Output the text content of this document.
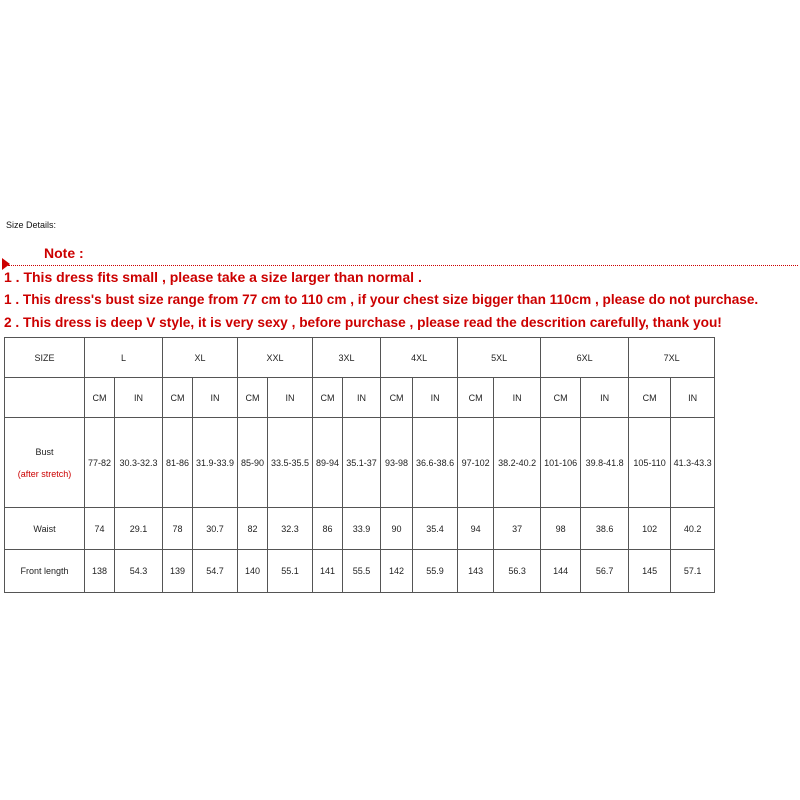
Size Details:
Note :
1 . This dress fits small , please take a size larger than normal .
1 . This dress's bust size range from 77 cm to 110 cm , if your chest size bigger than 110cm , please do not purchase.
2 . This dress is deep V style, it is very sexy , before purchase , please read the descrition carefully, thank you!
SIZE	L		XL		XXL		3XL		4XL		5XL		6XL		7XL	
	CM	IN	CM	IN	CM	IN	CM	IN	CM	IN	CM	IN	CM	IN	CM	IN

Bust
(after stretch)	77-82	30.3-32.3	81-86	31.9-33.9	85-90	33.5-35.5	89-94	35.1-37	93-98	36.6-38.6	97-102	38.2-40.2	101-106	39.8-41.8	105-110	41.3-43.3
Waist	74	29.1	78	30.7	82	32.3	86	33.9	90	35.4	94	37	98	38.6	102	40.2
Front length	138	54.3	139	54.7	140	55.1	141	55.5	142	55.9	143	56.3	144	56.7	145	57.1
